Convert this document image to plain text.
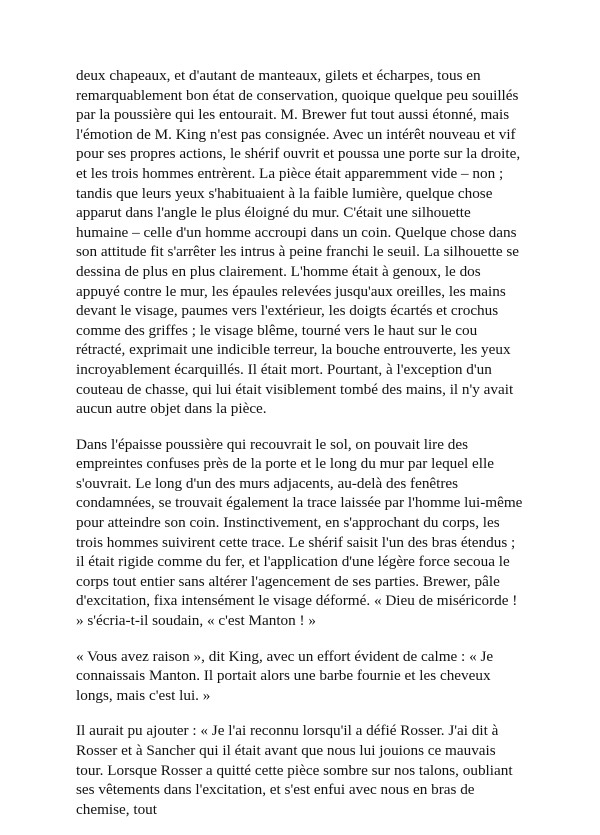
deux chapeaux, et d'autant de manteaux, gilets et écharpes, tous en remarquablement bon état de conservation, quoique quelque peu souillés par la poussière qui les entourait. M. Brewer fut tout aussi étonné, mais l'émotion de M. King n'est pas consignée. Avec un intérêt nouveau et vif pour ses propres actions, le shérif ouvrit et poussa une porte sur la droite, et les trois hommes entrèrent. La pièce était apparemment vide – non ; tandis que leurs yeux s'habituaient à la faible lumière, quelque chose apparut dans l'angle le plus éloigné du mur. C'était une silhouette humaine – celle d'un homme accroupi dans un coin. Quelque chose dans son attitude fit s'arrêter les intrus à peine franchi le seuil. La silhouette se dessina de plus en plus clairement. L'homme était à genoux, le dos appuyé contre le mur, les épaules relevées jusqu'aux oreilles, les mains devant le visage, paumes vers l'extérieur, les doigts écartés et crochus comme des griffes ; le visage blême, tourné vers le haut sur le cou rétracté, exprimait une indicible terreur, la bouche entrouverte, les yeux incroyablement écarquillés. Il était mort. Pourtant, à l'exception d'un couteau de chasse, qui lui était visiblement tombé des mains, il n'y avait aucun autre objet dans la pièce.

Dans l'épaisse poussière qui recouvrait le sol, on pouvait lire des empreintes confuses près de la porte et le long du mur par lequel elle s'ouvrait. Le long d'un des murs adjacents, au-delà des fenêtres condamnées, se trouvait également la trace laissée par l'homme lui-même pour atteindre son coin. Instinctivement, en s'approchant du corps, les trois hommes suivirent cette trace. Le shérif saisit l'un des bras étendus ; il était rigide comme du fer, et l'application d'une légère force secoua le corps tout entier sans altérer l'agencement de ses parties. Brewer, pâle d'excitation, fixa intensément le visage déformé. « Dieu de miséricorde ! » s'écria-t-il soudain, « c'est Manton ! »

« Vous avez raison », dit King, avec un effort évident de calme : « Je connaissais Manton. Il portait alors une barbe fournie et les cheveux longs, mais c'est lui. »

Il aurait pu ajouter : « Je l'ai reconnu lorsqu'il a défié Rosser. J'ai dit à Rosser et à Sancher qui il était avant que nous lui jouions ce mauvais tour. Lorsque Rosser a quitté cette pièce sombre sur nos talons, oubliant ses vêtements dans l'excitation, et s'est enfui avec nous en bras de chemise, tout
